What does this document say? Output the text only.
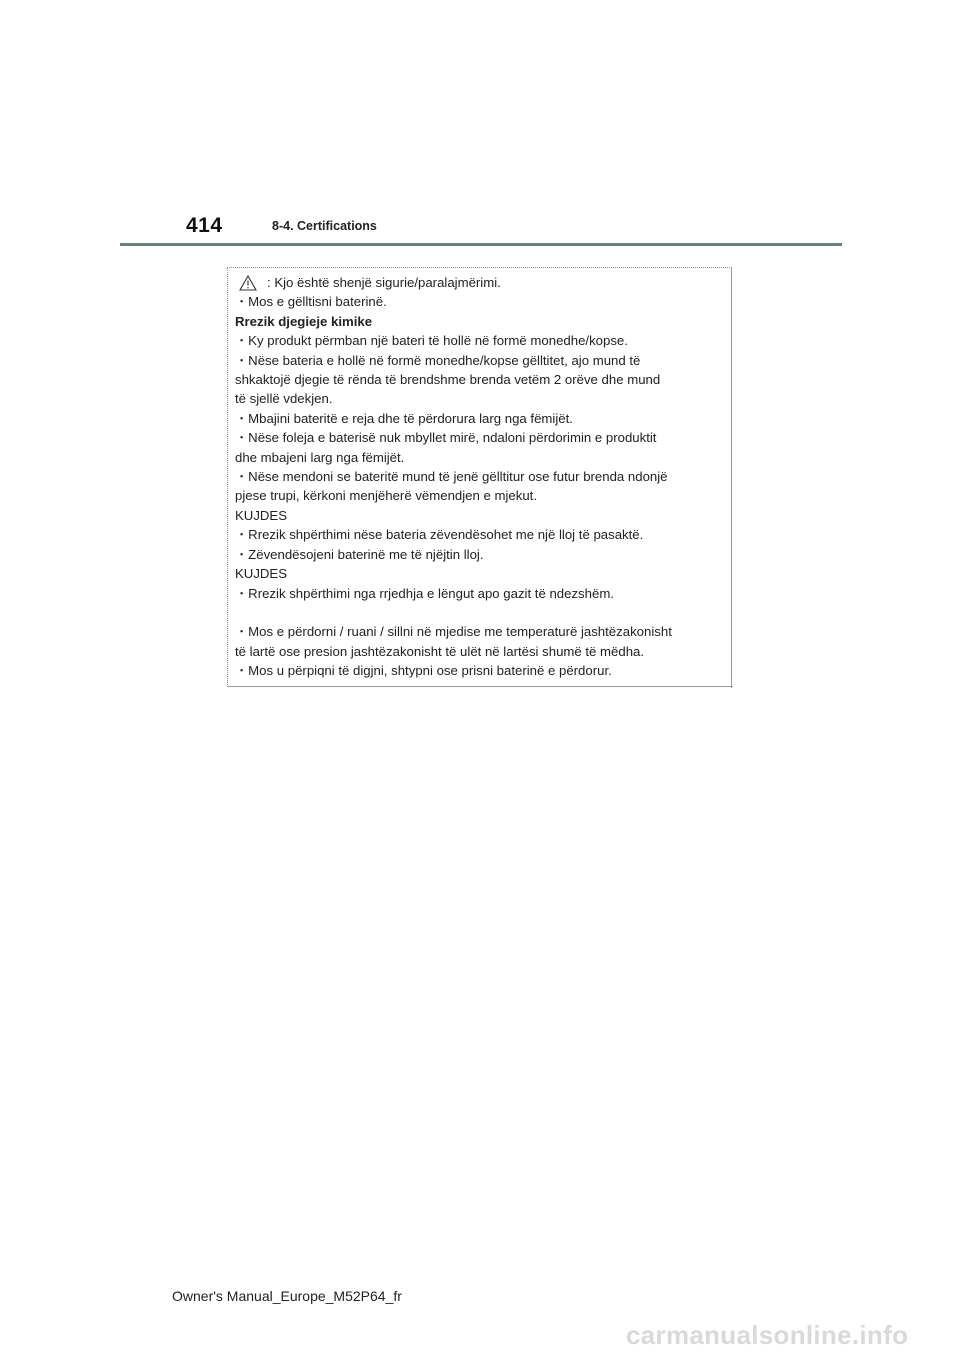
414	8-4. Certifications
: Kjo është shenjë sigurie/paralajmërimi.
・Mos e gëlltisni baterinë.
Rrezik djegieje kimike
・Ky produkt përmban një bateri të hollë në formë monedhe/kopse.
・Nëse bateria e hollë në formë monedhe/kopse gëlltitet, ajo mund të
shkaktojë djegie të rënda të brendshme brenda vetëm 2 orëve dhe mund
të sjellë vdekjen.
・Mbajini bateritë e reja dhe të përdorura larg nga fëmijët.
・Nëse foleja e baterisë nuk mbyllet mirë, ndaloni përdorimin e produktit
dhe mbajeni larg nga fëmijët.
・Nëse mendoni se bateritë mund të jenë gëlltitur ose futur brenda ndonjë
pjese trupi, kërkoni menjëherë vëmendjen e mjekut.
KUJDES
・Rrezik shpërthimi nëse bateria zëvendësohet me një lloj të pasaktë.
・Zëvendësojeni baterinë me të njëjtin lloj.
KUJDES
・Rrezik shpërthimi nga rrjedhja e lëngut apo gazit të ndezshëm.
・Mos e përdorni / ruani / sillni në mjedise me temperaturë jashtëzakonisht
të lartë ose presion jashtëzakonisht të ulët në lartësi shumë të mëdha.
・Mos u përpiqni të digjni, shtypni ose prisni baterinë e përdorur.
Owner's Manual_Europe_M52P64_fr
carmanualsonline.info
